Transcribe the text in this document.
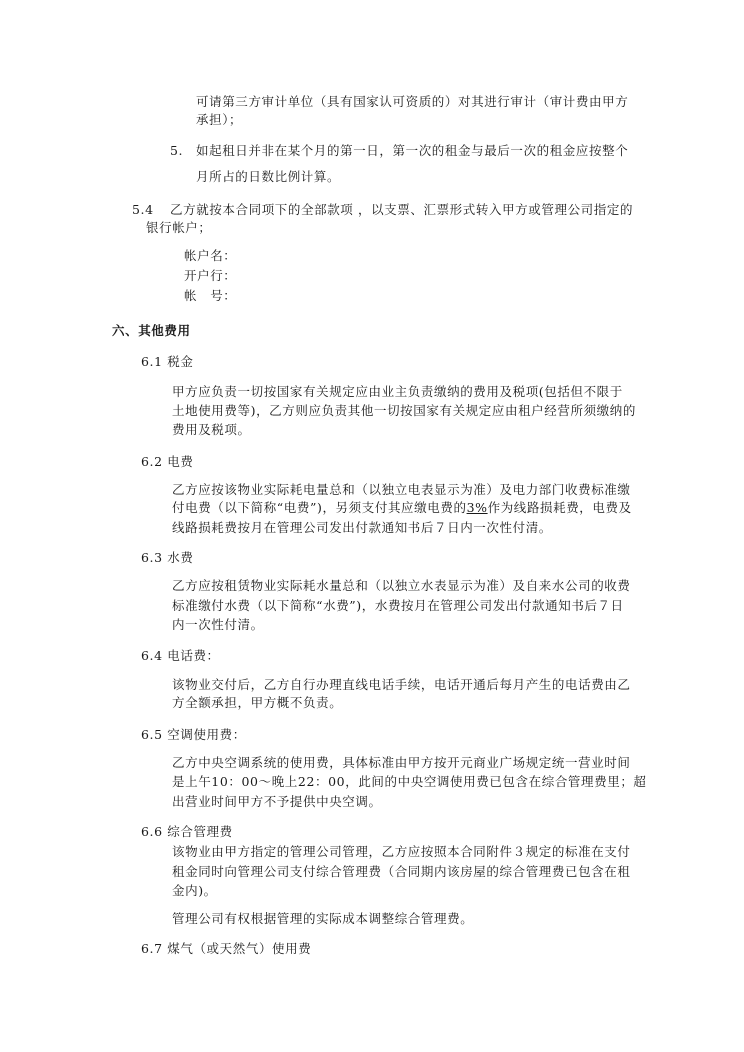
可请第三方审计单位（具有国家认可资质的）对其进行审计（审计费由甲方
承担）；
5. 如起租日并非在某个月的第一日，第一次的租金与最后一次的租金应按整个
月所占的日数比例计算。
5.4 乙方就按本合同项下的全部款项 ，以支票、汇票形式转入甲方或管理公司指定的
银行帐户；
帐户名：
开户行：
帐　号：
六、其他费用
6.1 税金
甲方应负责一切按国家有关规定应由业主负责缴纳的费用及税项(包括但不限于
土地使用费等)，乙方则应负责其他一切按国家有关规定应由租户经营所须缴纳的
费用及税项。
6.2 电费
乙方应按该物业实际耗电量总和（以独立电表显示为准）及电力部门收费标准缴
付电费（以下简称“电费”)，另须支付其应缴电费的3%作为线路损耗费，电费及
线路损耗费按月在管理公司发出付款通知书后７日内一次性付清。
6.3 水费
乙方应按租赁物业实际耗水量总和（以独立水表显示为准）及自来水公司的收费
标准缴付水费（以下简称“水费”)，水费按月在管理公司发出付款通知书后７日
内一次性付清。
6.4 电话费：
该物业交付后，乙方自行办理直线电话手续，电话开通后每月产生的电话费由乙
方全额承担，甲方概不负责。
6.5 空调使用费：
乙方中央空调系统的使用费，具体标准由甲方按开元商业广场规定统一营业时间
是上午10：00～晚上22：00，此间的中央空调使用费已包含在综合管理费里；超
出营业时间甲方不予提供中央空调。
6.6 综合管理费
该物业由甲方指定的管理公司管理，乙方应按照本合同附件３规定的标准在支付
租金同时向管理公司支付综合管理费（合同期内该房屋的综合管理费已包含在租
金内)。
管理公司有权根据管理的实际成本调整综合管理费。
6.7 煤气（或天然气）使用费
